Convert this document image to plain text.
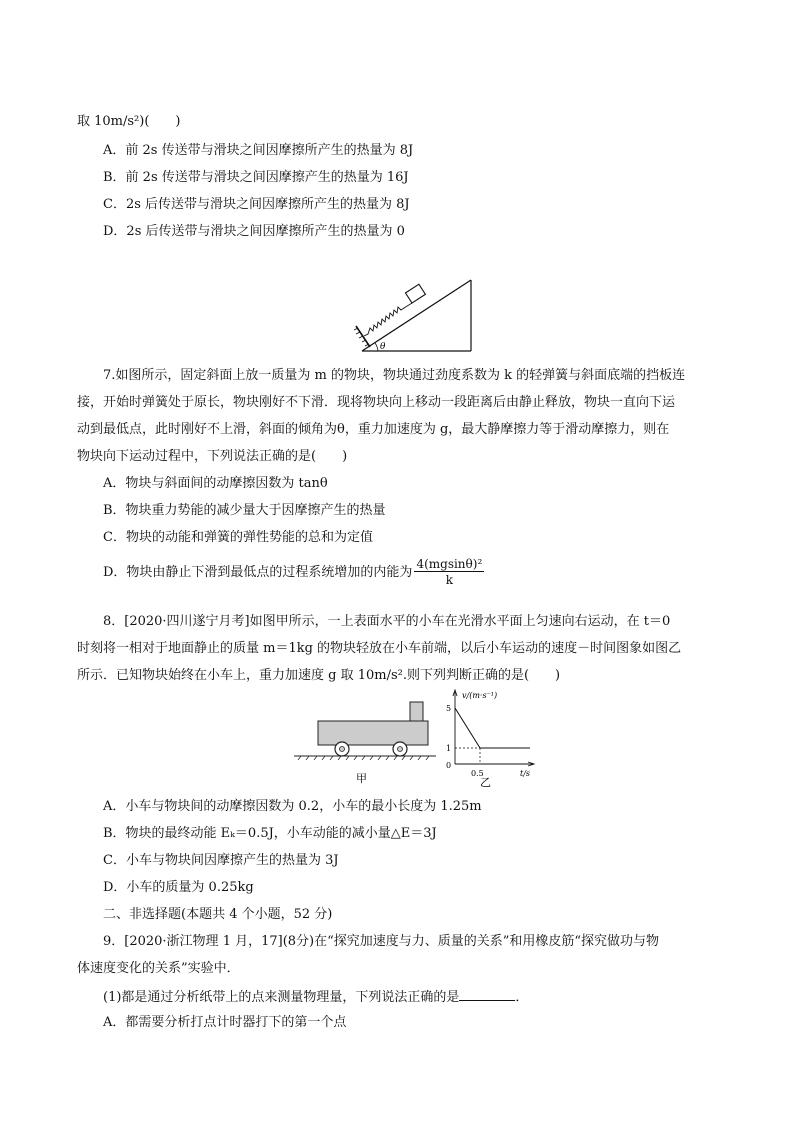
取 10m/s²)(　　)
A．前 2s 传送带与滑块之间因摩擦所产生的热量为 8J
B．前 2s 传送带与滑块之间因摩擦产生的热量为 16J
C．2s 后传送带与滑块之间因摩擦所产生的热量为 8J
D．2s 后传送带与滑块之间因摩擦所产生的热量为 0
θ
7.如图所示，固定斜面上放一质量为 m 的物块，物块通过劲度系数为 k 的轻弹簧与斜面底端的挡板连
接，开始时弹簧处于原长，物块刚好不下滑．现将物块向上移动一段距离后由静止释放，物块一直向下运
动到最低点，此时刚好不上滑，斜面的倾角为θ，重力加速度为 g，最大静摩擦力等于滑动摩擦力，则在
物块向下运动过程中，下列说法正确的是(　　)
A．物块与斜面间的动摩擦因数为 tanθ
B．物块重力势能的减少量大于因摩擦产生的热量
C．物块的动能和弹簧的弹性势能的总和为定值
D．物块由静止下滑到最低点的过程系统增加的内能为 $\frac{\text{4(mgsinθ)²}}{k}$
8．[2020·四川遂宁月考]如图甲所示，一上表面水平的小车在光滑水平面上匀速向右运动，在 t＝0
时刻将一相对于地面静止的质量 m＝1kg 的物块轻放在小车前端，以后小车运动的速度－时间图象如图乙
所示．已知物块始终在小车上，重力加速度 g 取 10m/s².则下列判断正确的是(　　)
甲
v/(m·s⁻¹)
t/s
0
5
1
0.5
乙
A．小车与物块间的动摩擦因数为 0.2，小车的最小长度为 1.25m
B．物块的最终动能 Eₖ＝0.5J，小车动能的减小量△E＝3J
C．小车与物块间因摩擦产生的热量为 3J
D．小车的质量为 0.25kg
二、非选择题(本题共 4 个小题，52 分)
9．[2020·浙江物理 1 月，17](8分)在“探究加速度与力、质量的关系”和用橡皮筋“探究做功与物
体速度变化的关系”实验中．
(1)都是通过分析纸带上的点来测量物理量，下列说法正确的是	．
A．都需要分析打点计时器打下的第一个点
